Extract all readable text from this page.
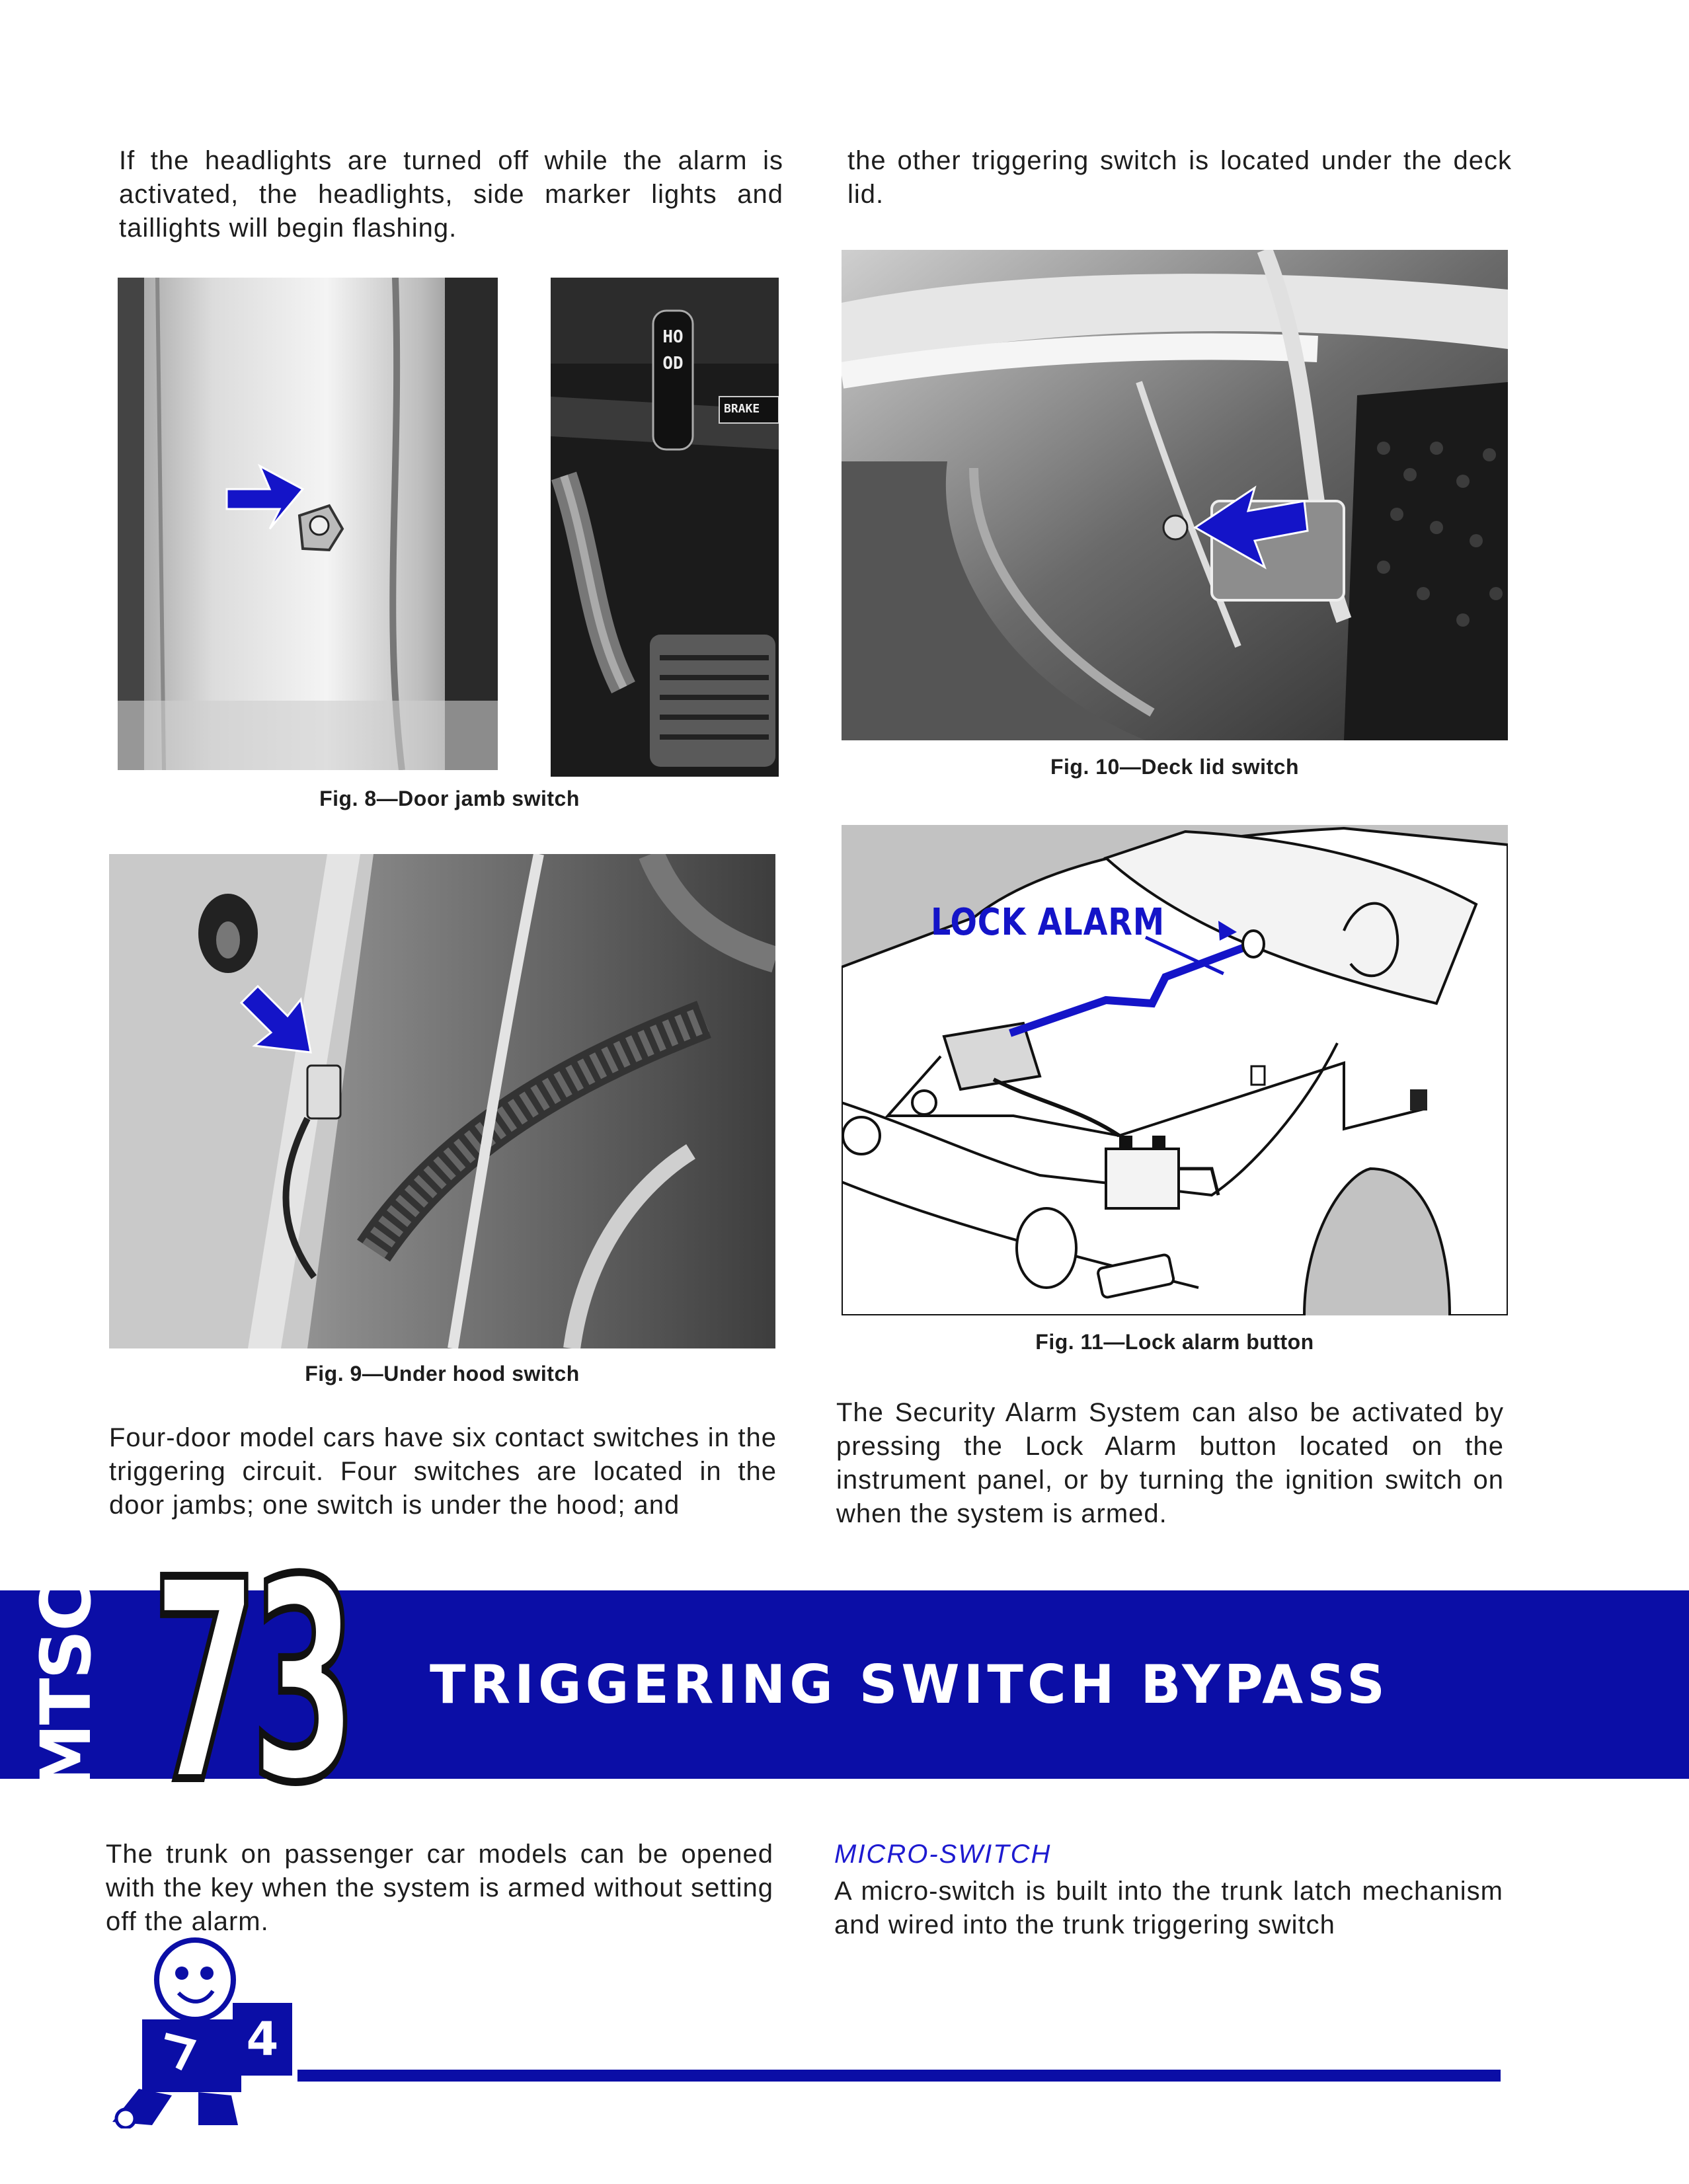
If the headlights are turned off while the alarm is activated, the headlights, side marker lights and taillights will begin flashing.
the other triggering switch is located under the deck lid.
HOOD
BRAKE
Fig. 8—Door jamb switch
Fig. 10—Deck lid switch
Fig. 9—Under hood switch
LOCK ALARM
Fig. 11—Lock alarm button
Four-door model cars have six contact switches in the triggering circuit. Four switches are located in the door jambs; one switch is under the hood; and
The Security Alarm System can also be activated by pressing the Lock Alarm button located on the instrument panel, or by turning the ignition switch on when the system is armed.
MTSC 73 TRIGGERING SWITCH BYPASS
The trunk on passenger car models can be opened with the key when the system is armed without setting off the alarm.
MICRO-SWITCH
A micro-switch is built into the trunk latch mechanism and wired into the trunk triggering switch
4
